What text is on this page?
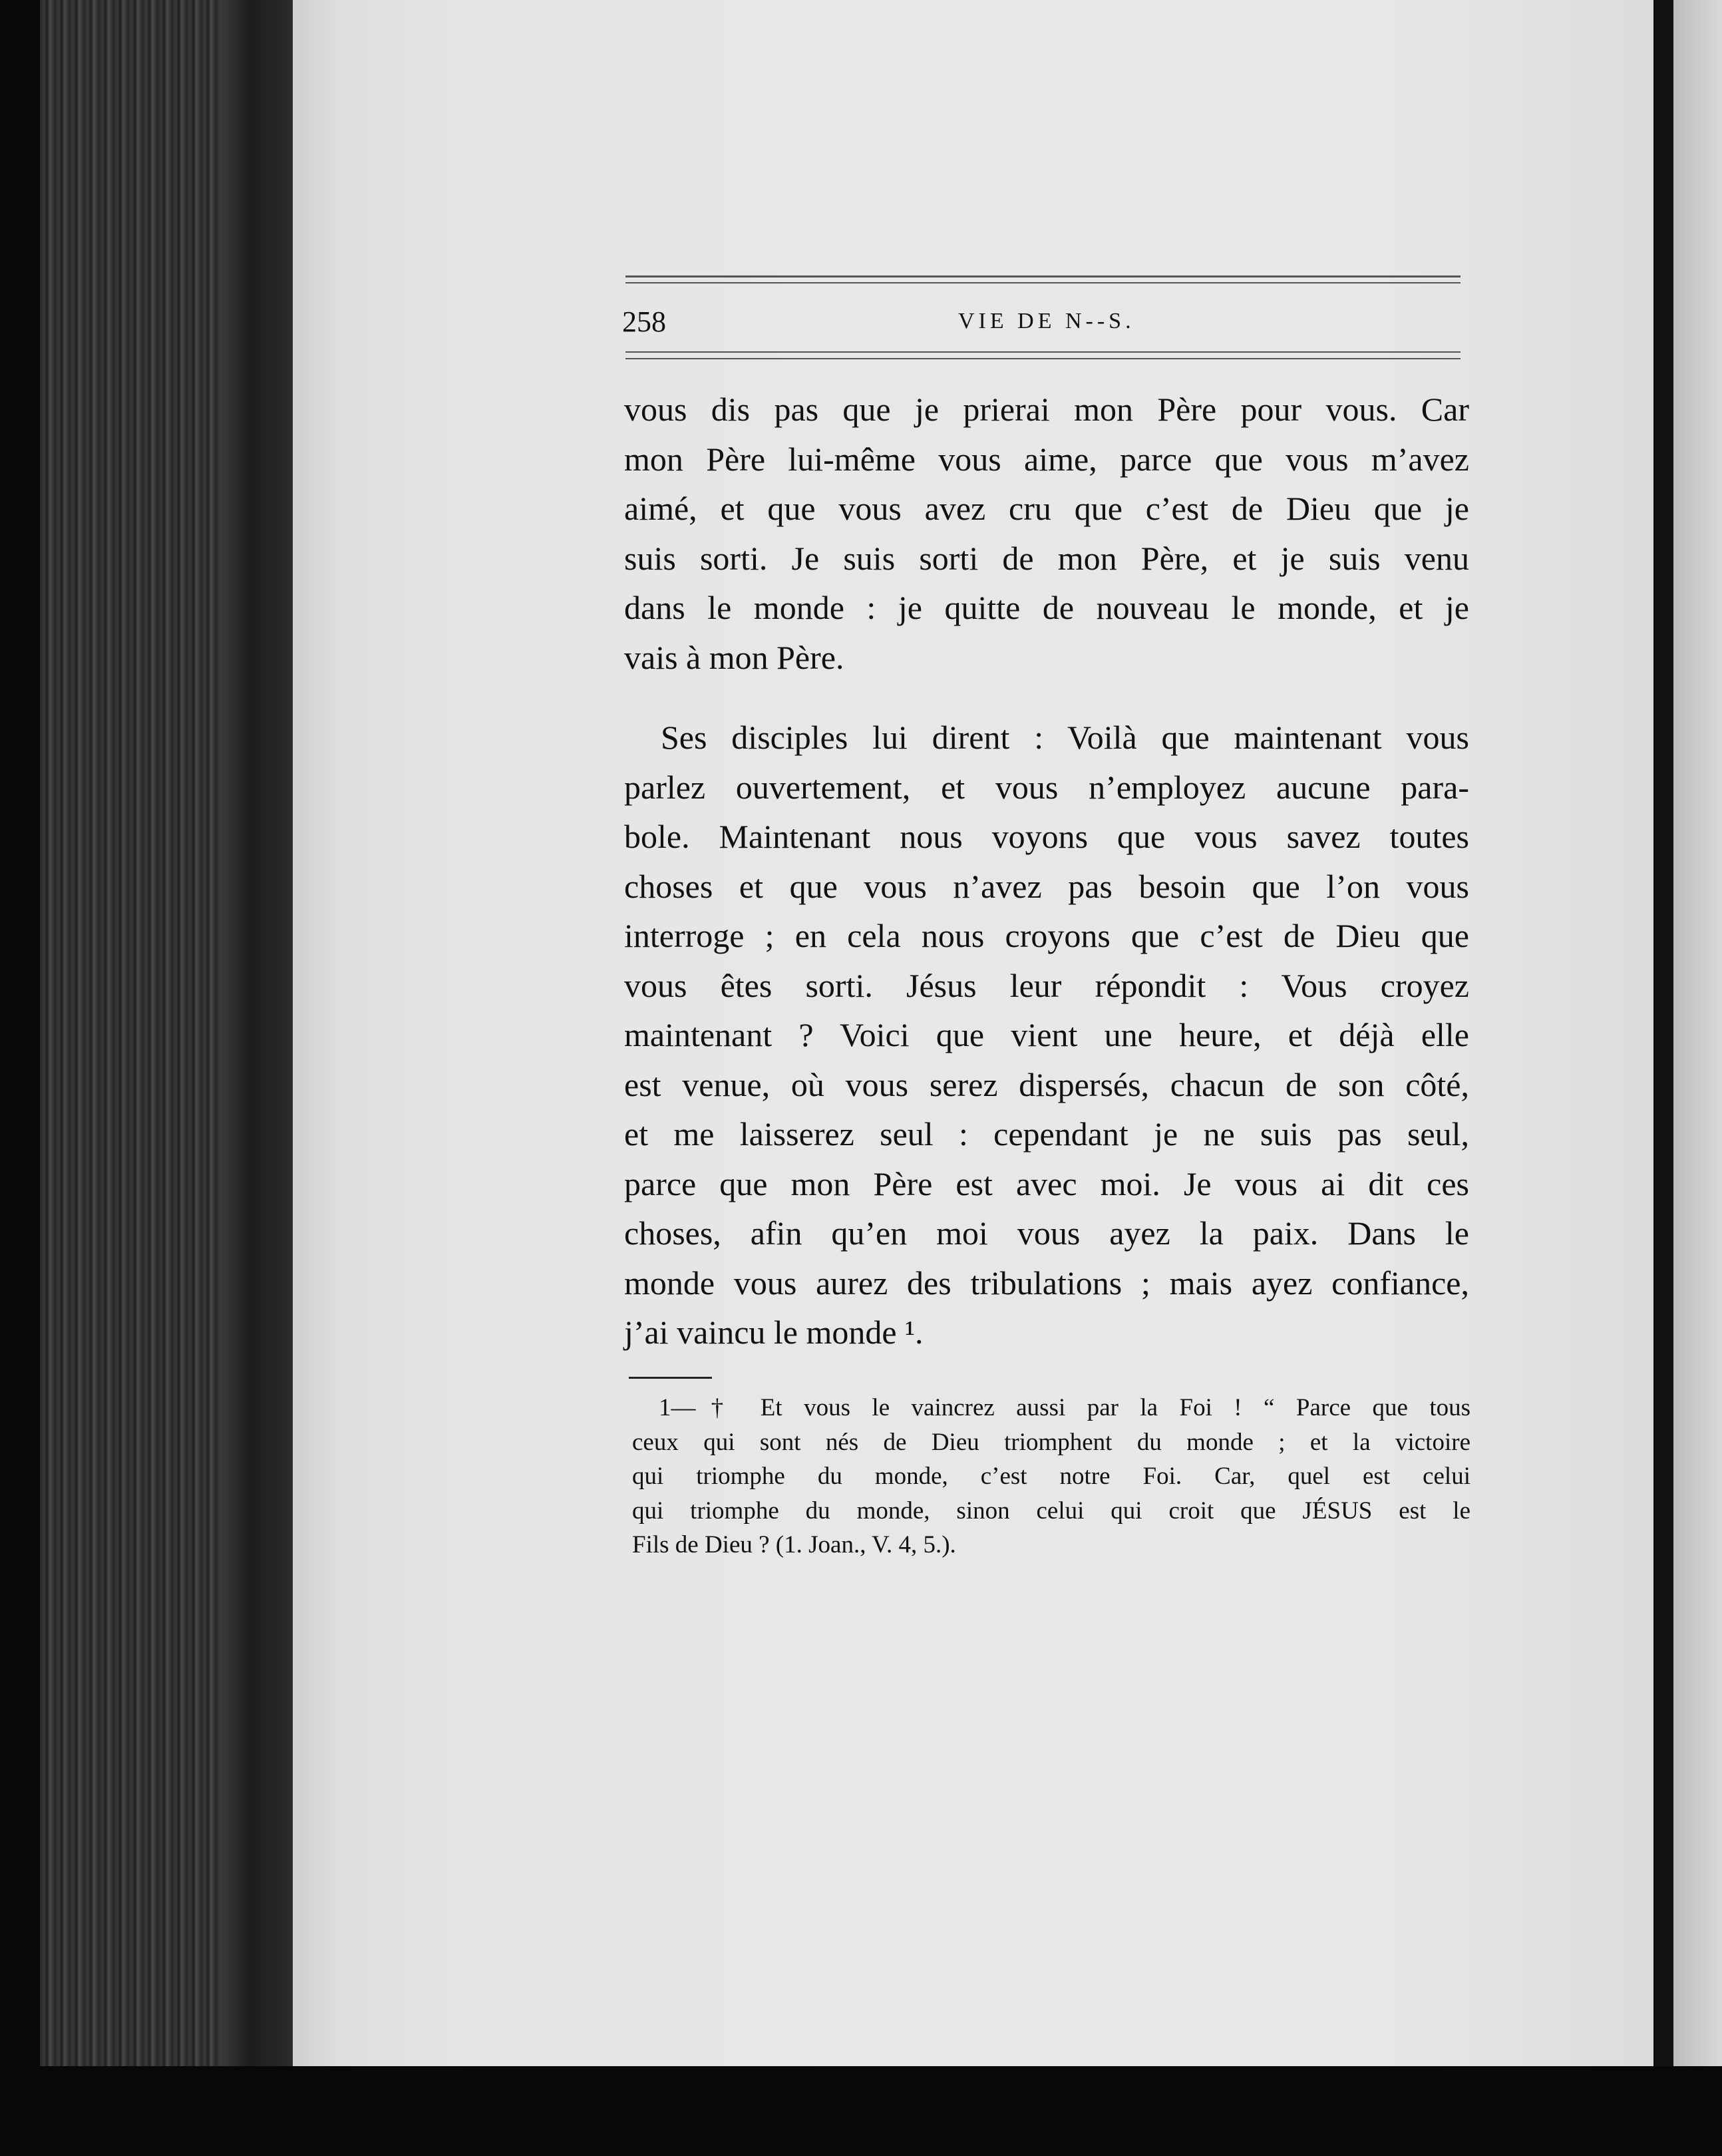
258	VIE DE N--S.
vous dis pas que je prierai mon Père pour vous. Car
mon Père lui-même vous aime, parce que vous m’avez
aimé, et que vous avez cru que c’est de Dieu que je
suis sorti. Je suis sorti de mon Père, et je suis venu
dans le monde : je quitte de nouveau le monde, et je
vais à mon Père.
Ses disciples lui dirent : Voilà que maintenant vous
parlez ouvertement, et vous n’employez aucune para-
bole. Maintenant nous voyons que vous savez toutes
choses et que vous n’avez pas besoin que l’on vous
interroge ; en cela nous croyons que c’est de Dieu que
vous êtes sorti. Jésus leur répondit : Vous croyez
maintenant ? Voici que vient une heure, et déjà elle
est venue, où vous serez dispersés, chacun de son côté,
et me laisserez seul : cependant je ne suis pas seul,
parce que mon Père est avec moi. Je vous ai dit ces
choses, afin qu’en moi vous ayez la paix. Dans le
monde vous aurez des tribulations ; mais ayez confiance,
j’ai vaincu le monde ¹.
1—† Et vous le vaincrez aussi par la Foi ! “ Parce que tous
ceux qui sont nés de Dieu triomphent du monde ; et la victoire
qui triomphe du monde, c’est notre Foi. Car, quel est celui
qui triomphe du monde, sinon celui qui croit que JÉSUS est le
Fils de Dieu ? (1. Joan., V. 4, 5.).
